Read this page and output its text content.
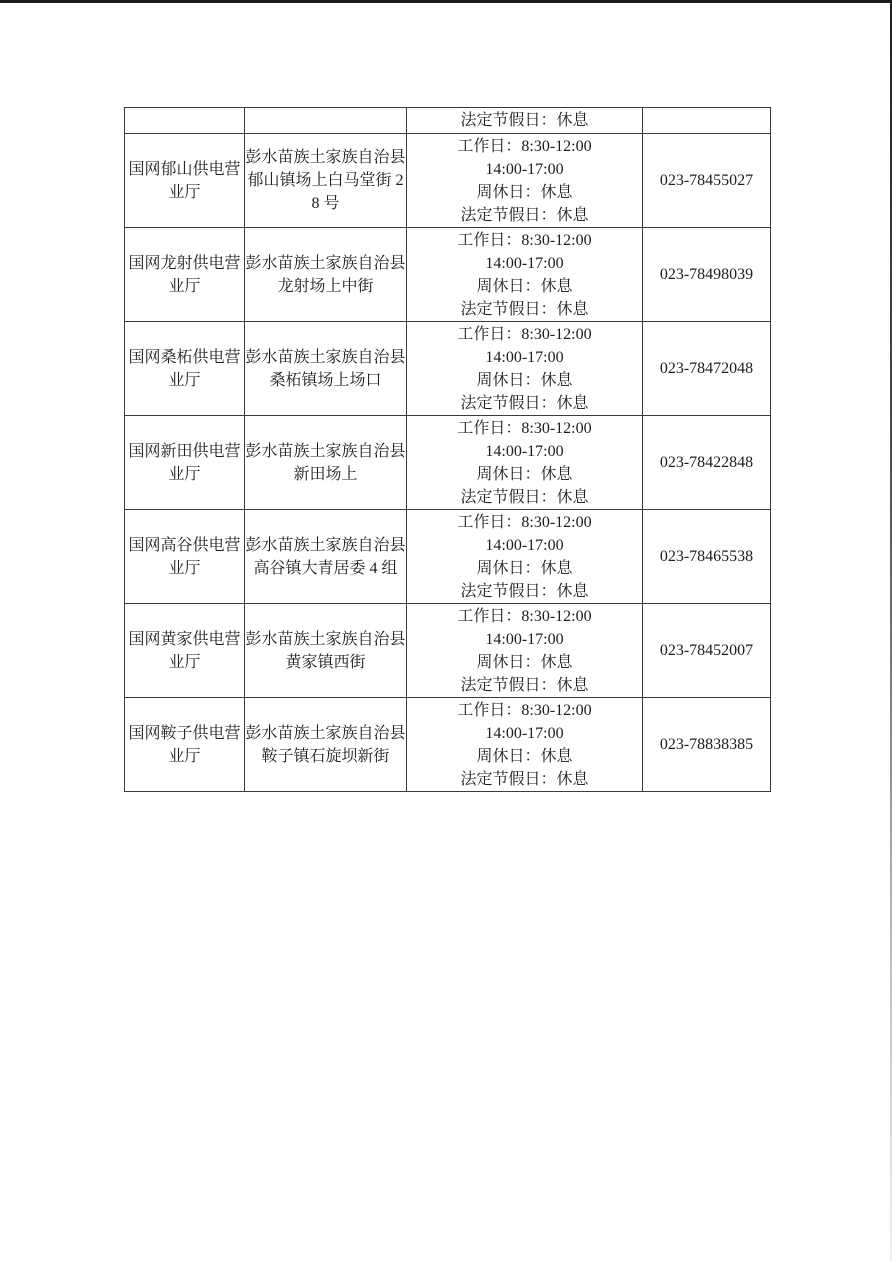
		法定节假日：休息	

国网郁山供电营业厅	彭水苗族土家族自治县郁山镇场上白马堂街 28 号	工作日：8:30-12:00
14:00-17:00
周休日：休息
法定节假日：休息	023-78455027
国网龙射供电营业厅	彭水苗族土家族自治县龙射场上中街	工作日：8:30-12:00
14:00-17:00
周休日：休息
法定节假日：休息	023-78498039
国网桑柘供电营业厅	彭水苗族土家族自治县桑柘镇场上场口	工作日：8:30-12:00
14:00-17:00
周休日：休息
法定节假日：休息	023-78472048
国网新田供电营业厅	彭水苗族土家族自治县新田场上	工作日：8:30-12:00
14:00-17:00
周休日：休息
法定节假日：休息	023-78422848
国网高谷供电营业厅	彭水苗族土家族自治县高谷镇大青居委 4 组	工作日：8:30-12:00
14:00-17:00
周休日：休息
法定节假日：休息	023-78465538
国网黄家供电营业厅	彭水苗族土家族自治县黄家镇西街	工作日：8:30-12:00
14:00-17:00
周休日：休息
法定节假日：休息	023-78452007
国网鞍子供电营业厅	彭水苗族土家族自治县鞍子镇石旋坝新街	工作日：8:30-12:00
14:00-17:00
周休日：休息
法定节假日：休息	023-78838385
